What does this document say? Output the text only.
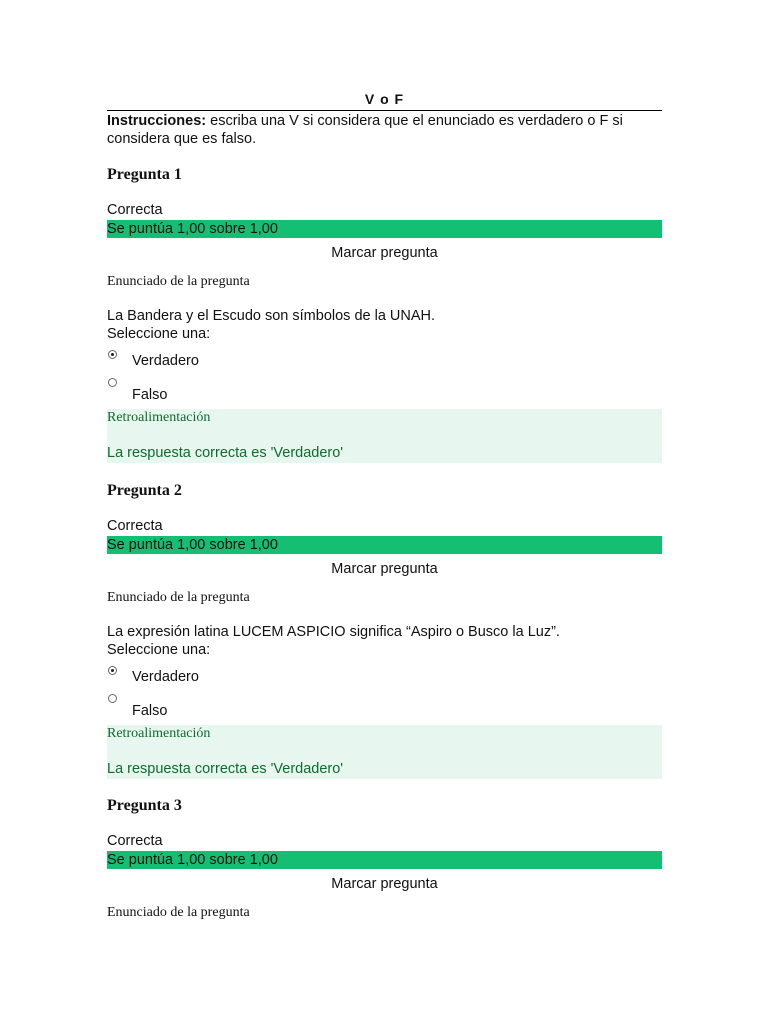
V o F
Instrucciones: escriba una V si considera que el enunciado es verdadero o F si considera que es falso.
Pregunta 1
Correcta
Se puntúa 1,00 sobre 1,00
Marcar pregunta
Enunciado de la pregunta
La Bandera y el Escudo son símbolos de la UNAH.
Seleccione una:
Verdadero
Falso
Retroalimentación
La respuesta correcta es 'Verdadero'
Pregunta 2
Correcta
Se puntúa 1,00 sobre 1,00
Marcar pregunta
Enunciado de la pregunta
La expresión latina LUCEM ASPICIO significa “Aspiro o Busco la Luz”.
Seleccione una:
Verdadero
Falso
Retroalimentación
La respuesta correcta es 'Verdadero'
Pregunta 3
Correcta
Se puntúa 1,00 sobre 1,00
Marcar pregunta
Enunciado de la pregunta
